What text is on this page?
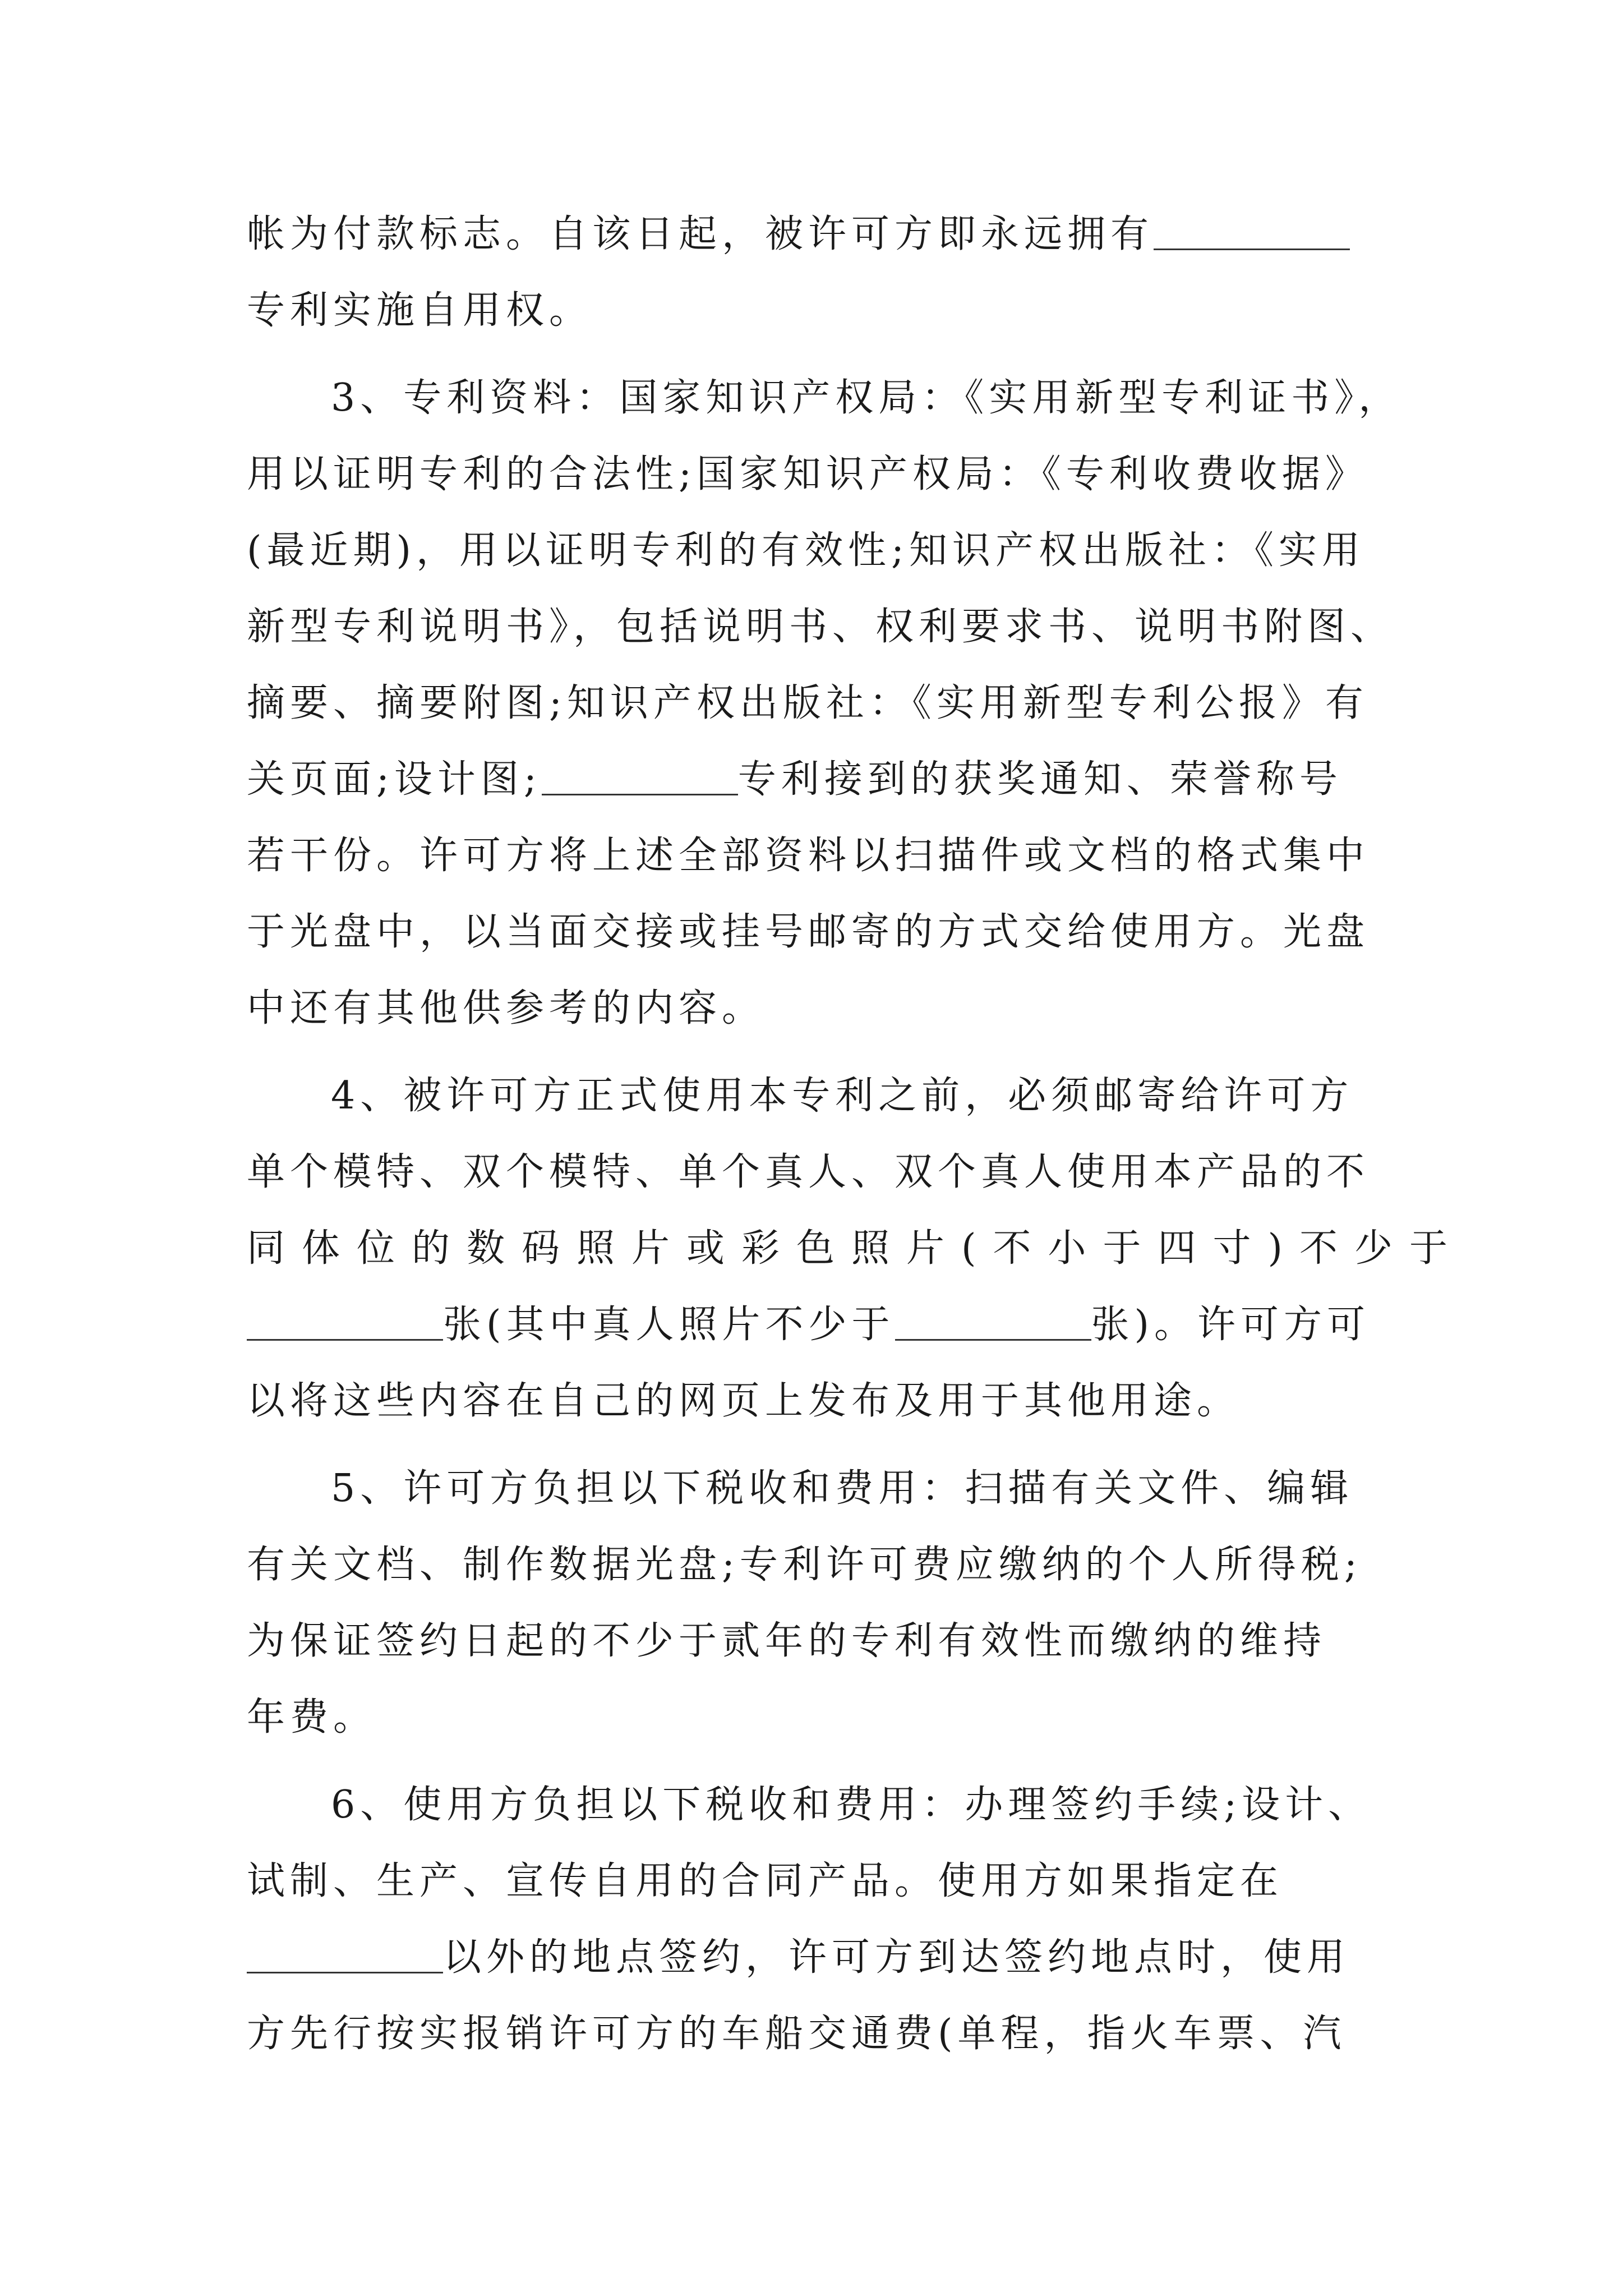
帐为付款标志。自该日起，被许可方即永远拥有
专利实施自用权。
3、专利资料：国家知识产权局：《实用新型专利证书》，
用以证明专利的合法性;国家知识产权局：《专利收费收据》
(最近期)，用以证明专利的有效性;知识产权出版社：《实用
新型专利说明书》，包括说明书、权利要求书、说明书附图、
摘要、摘要附图;知识产权出版社：《实用新型专利公报》有
关页面;设计图;	专利接到的获奖通知、荣誉称号
若干份。许可方将上述全部资料以扫描件或文档的格式集中
于光盘中，以当面交接或挂号邮寄的方式交给使用方。光盘
中还有其他供参考的内容。
4、被许可方正式使用本专利之前，必须邮寄给许可方
单个模特、双个模特、单个真人、双个真人使用本产品的不
同体位的数码照片或彩色照片(不小于四寸)不少于
张(其中真人照片不少于	张)。许可方可
以将这些内容在自己的网页上发布及用于其他用途。
5、许可方负担以下税收和费用：扫描有关文件、编辑
有关文档、制作数据光盘;专利许可费应缴纳的个人所得税;
为保证签约日起的不少于贰年的专利有效性而缴纳的维持
年费。
6、使用方负担以下税收和费用：办理签约手续;设计、
试制、生产、宣传自用的合同产品。使用方如果指定在
以外的地点签约，许可方到达签约地点时，使用
方先行按实报销许可方的车船交通费(单程，指火车票、汽
